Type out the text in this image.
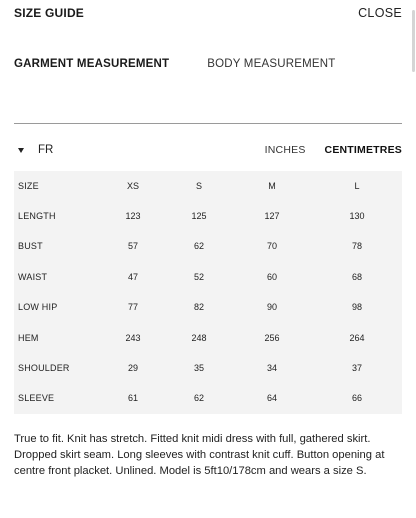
SIZE GUIDE	CLOSE
GARMENT MEASUREMENT	BODY MEASUREMENT
FR	INCHES CENTIMETRES
SIZE	XS	S	M	L
LENGTH	123	125	127	130
BUST	57	62	70	78
WAIST	47	52	60	68
LOW HIP	77	82	90	98
HEM	243	248	256	264
SHOULDER	29	35	34	37
SLEEVE	61	62	64	66

True to fit. Knit has stretch. Fitted knit midi dress with full, gathered skirt. Dropped skirt seam. Long sleeves with contrast knit cuff. Button opening at centre front placket. Unlined. Model is 5ft10/178cm and wears a size S.
